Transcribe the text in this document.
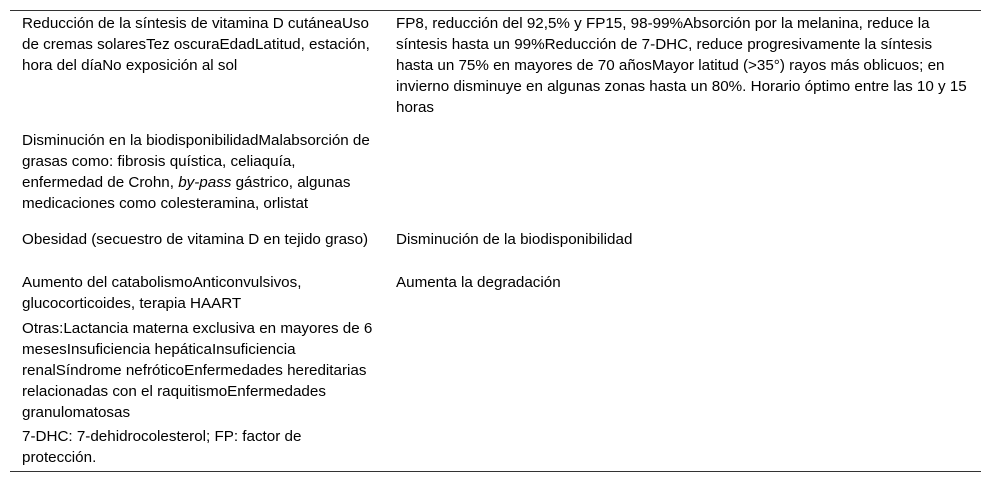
Reducción de la síntesis de vitamina D cutáneaUso de cremas solaresTez oscuraEdadLatitud, estación, hora del díaNo exposición al sol
FP8, reducción del 92,5% y FP15, 98-99%Absorción por la melanina, reduce la síntesis hasta un 99%Reducción de 7-DHC, reduce progresivamente la síntesis hasta un 75% en mayores de 70 añosMayor latitud (>35°) rayos más oblicuos; en invierno disminuye en algunas zonas hasta un 80%. Horario óptimo entre las 10 y 15 horas
Disminución en la biodisponibilidadMalabsorción de grasas como: fibrosis quística, celiaquía, enfermedad de Crohn, by-pass gástrico, algunas medicaciones como colesteramina, orlistat
Obesidad (secuestro de vitamina D en tejido graso)	Disminución de la biodisponibilidad
Aumento del catabolismoAnticonvulsivos, glucocorticoides, terapia HAART
Aumenta la degradación
Otras:Lactancia materna exclusiva en mayores de 6 mesesInsuficiencia hepáticaInsuficiencia renalSíndrome nefróticoEnfermedades hereditarias relacionadas con el raquitismoEnfermedades granulomatosas
7-DHC: 7-dehidrocolesterol; FP: factor de protección.
